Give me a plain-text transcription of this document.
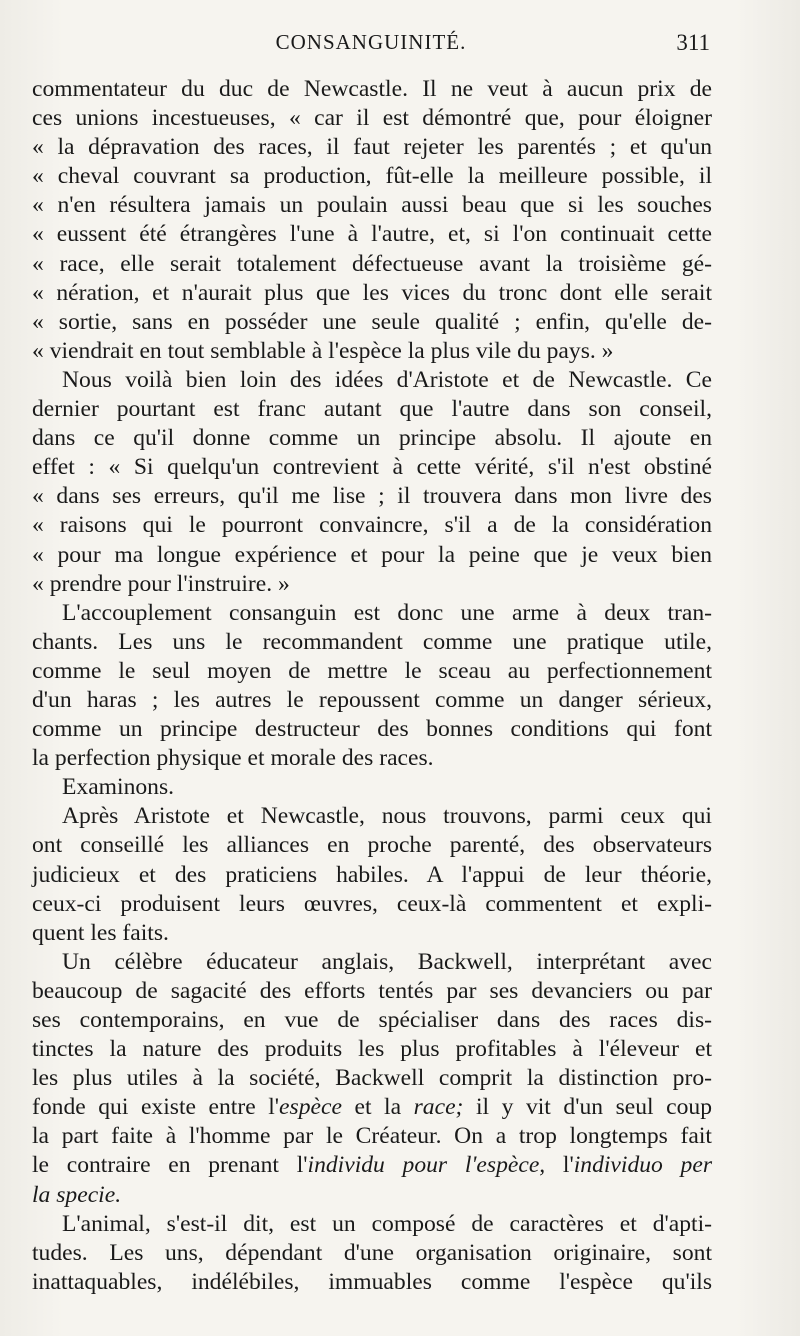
CONSANGUINITÉ.	311
commentateur du duc de Newcastle. Il ne veut à aucun prix de
ces unions incestueuses, « car il est démontré que, pour éloigner
« la dépravation des races, il faut rejeter les parentés ; et qu'un
« cheval couvrant sa production, fût-elle la meilleure possible, il
« n'en résultera jamais un poulain aussi beau que si les souches
« eussent été étrangères l'une à l'autre, et, si l'on continuait cette
« race, elle serait totalement défectueuse avant la troisième gé-
« nération, et n'aurait plus que les vices du tronc dont elle serait
« sortie, sans en posséder une seule qualité ; enfin, qu'elle de-
« viendrait en tout semblable à l'espèce la plus vile du pays. »
Nous voilà bien loin des idées d'Aristote et de Newcastle. Ce
dernier pourtant est franc autant que l'autre dans son conseil,
dans ce qu'il donne comme un principe absolu. Il ajoute en
effet : « Si quelqu'un contrevient à cette vérité, s'il n'est obstiné
« dans ses erreurs, qu'il me lise ; il trouvera dans mon livre des
« raisons qui le pourront convaincre, s'il a de la considération
« pour ma longue expérience et pour la peine que je veux bien
« prendre pour l'instruire. »
L'accouplement consanguin est donc une arme à deux tran-
chants. Les uns le recommandent comme une pratique utile,
comme le seul moyen de mettre le sceau au perfectionnement
d'un haras ; les autres le repoussent comme un danger sérieux,
comme un principe destructeur des bonnes conditions qui font
la perfection physique et morale des races.
Examinons.
Après Aristote et Newcastle, nous trouvons, parmi ceux qui
ont conseillé les alliances en proche parenté, des observateurs
judicieux et des praticiens habiles. A l'appui de leur théorie,
ceux-ci produisent leurs œuvres, ceux-là commentent et expli-
quent les faits.
Un célèbre éducateur anglais, Backwell, interprétant avec
beaucoup de sagacité des efforts tentés par ses devanciers ou par
ses contemporains, en vue de spécialiser dans des races dis-
tinctes la nature des produits les plus profitables à l'éleveur et
les plus utiles à la société, Backwell comprit la distinction pro-
fonde qui existe entre l'espèce et la race; il y vit d'un seul coup
la part faite à l'homme par le Créateur. On a trop longtemps fait
le contraire en prenant l'individu pour l'espèce, l'individuo per
la specie.
L'animal, s'est-il dit, est un composé de caractères et d'apti-
tudes. Les uns, dépendant d'une organisation originaire, sont
inattaquables, indélébiles, immuables comme l'espèce qu'ils
